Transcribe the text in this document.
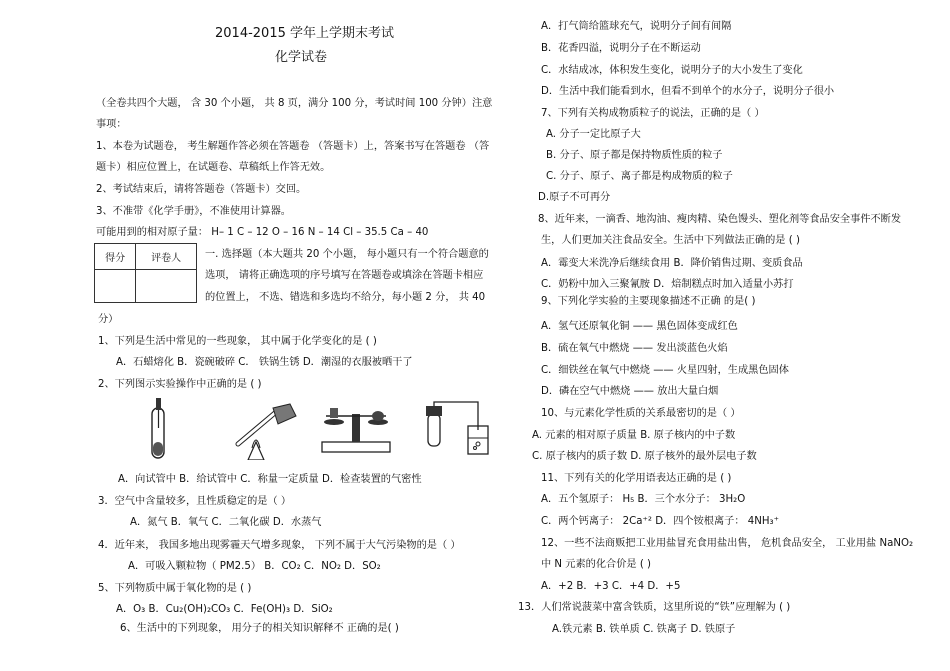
2014-2015 学年上学期末考试
化学试卷
（全卷共四个大题， 含 30 个小题， 共 8 页，满分 100 分，考试时间 100 分钟）注意
事项：
1、本卷为试题卷， 考生解题作答必须在答题卷 （答题卡）上，答案书写在答题卷 （答
题卡）相应位置上，在试题卷、草稿纸上作答无效。
2、考试结束后，请将答题卷（答题卡）交回。
3、不准带《化学手册》，不准使用计算器。
可能用到的相对原子量： H– 1 C – 12 O – 16 N – 14 Cl – 35.5 Ca – 40
得分	评卷人
	一. 选择题（本大题共 20 个小题， 每小题只有一个符合题意的
选项， 请将正确选项的序号填写在答题卷或填涂在答题卡相应
的位置上， 不选、错选和多选均不给分，每小题 2 分， 共 40
分）
1、下列是生活中常见的一些现象， 其中属于化学变化的是 ( )
A．石蜡熔化 B．瓷碗破碎 C． 铁锅生锈 D．潮湿的衣服被晒干了
2、下列图示实验操作中正确的是 ( )
A．向试管中 B．给试管中 C．称量一定质量 D．检查装置的气密性
3．空气中含量较多，且性质稳定的是（ ）
A．氮气 B．氧气 C．二氧化碳 D．水蒸气
4．近年来， 我国多地出现雾霾天气增多现象， 下列不属于大气污染物的是（ ）
A．可吸入颗粒物（ PM2.5） B．CO₂ C．NO₂ D．SO₂
5、下列物质中属于氧化物的是 ( )
A．O₃ B．Cu₂(OH)₂CO₃ C．Fe(OH)₃ D．SiO₂
6、生活中的下列现象， 用分子的相关知识解释不 正确的是( )
A．打气筒给篮球充气，说明分子间有间隔
B．花香四溢，说明分子在不断运动
C．水结成冰，体积发生变化，说明分子的大小发生了变化
D．生活中我们能看到水，但看不到单个的水分子，说明分子很小
7、下列有关构成物质粒子的说法，正确的是（ ）
A. 分子一定比原子大
B. 分子、原子都是保持物质性质的粒子
C. 分子、原子、离子都是构成物质的粒子
D.原子不可再分
8、近年来，一滴香、地沟油、瘦肉精、染色馒头、塑化剂等食品安全事件不断发
生，人们更加关注食品安全。生活中下列做法正确的是 ( )
A．霉变大米洗净后继续食用 B．降价销售过期、变质食品
C．奶粉中加入三聚氰胺 D．焙制糕点时加入适量小苏打
9、下列化学实验的主要现象描述不正确 的是( )
A．氢气还原氧化铜 —— 黑色固体变成红色
B．硫在氧气中燃烧 —— 发出淡蓝色火焰
C．细铁丝在氧气中燃烧 —— 火星四射，生成黑色固体
D．磷在空气中燃烧 —— 放出大量白烟
10、与元素化学性质的关系最密切的是（ ）
A. 元素的相对原子质量 B. 原子核内的中子数
C. 原子核内的质子数 D. 原子核外的最外层电子数
11、下列有关的化学用语表达正确的是 ( )
A．五个氢原子： H₅ B．三个水分子： 3H₂O
C．两个钙离子： 2Ca⁺² D．四个铵根离子： 4NH₃⁺
12、一些不法商贩把工业用盐冒充食用盐出售， 危机食品安全， 工业用盐 NaNO₂
中 N 元素的化合价是 ( )
A．+2 B．+3 C．+4 D．+5
13．人们常说菠菜中富含铁质，这里所说的“铁”应理解为 ( )
A.铁元素 B. 铁单质 C. 铁离子 D. 铁原子
